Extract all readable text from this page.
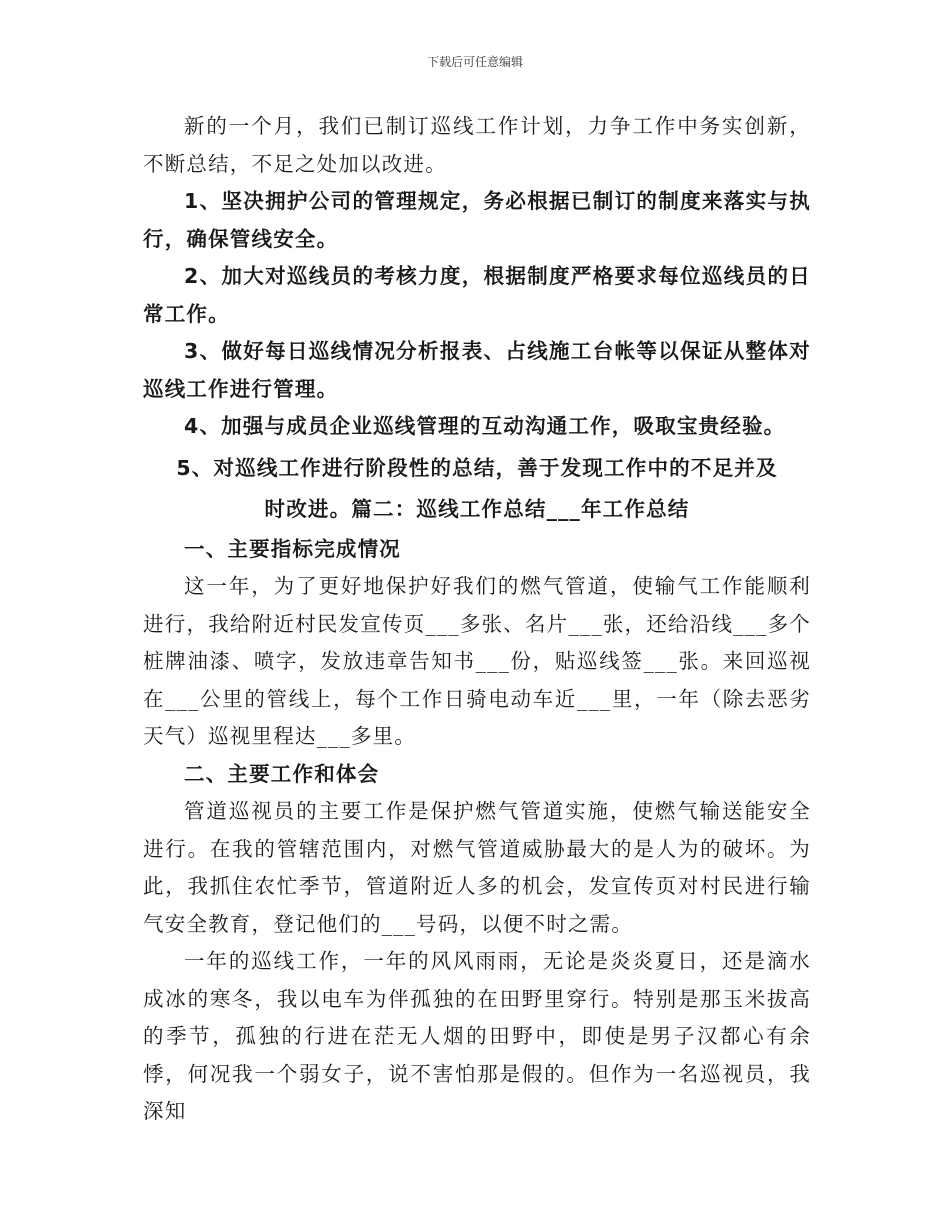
下载后可任意编辑

新的一个月，我们已制订巡线工作计划，力争工作中务实创新，不断总结，不足之处加以改进。

1、坚决拥护公司的管理规定，务必根据已制订的制度来落实与执行，确保管线安全。

2、加大对巡线员的考核力度，根据制度严格要求每位巡线员的日常工作。

3、做好每日巡线情况分析报表、占线施工台帐等以保证从整体对巡线工作进行管理。

4、加强与成员企业巡线管理的互动沟通工作，吸取宝贵经验。

5、对巡线工作进行阶段性的总结，善于发现工作中的不足并及

时改进。篇二：巡线工作总结___年工作总结

一、主要指标完成情况

这一年，为了更好地保护好我们的燃气管道，使输气工作能顺利进行，我给附近村民发宣传页___多张、名片___张，还给沿线___多个桩牌油漆、喷字，发放违章告知书___份，贴巡线签___张。来回巡视在___公里的管线上，每个工作日骑电动车近___里，一年（除去恶劣天气）巡视里程达___多里。

二、主要工作和体会

管道巡视员的主要工作是保护燃气管道实施，使燃气输送能安全进行。在我的管辖范围内，对燃气管道威胁最大的是人为的破坏。为此，我抓住农忙季节，管道附近人多的机会，发宣传页对村民进行输气安全教育，登记他们的___号码，以便不时之需。

一年的巡线工作，一年的风风雨雨，无论是炎炎夏日，还是滴水成冰的寒冬，我以电车为伴孤独的在田野里穿行。特别是那玉米拔高的季节，孤独的行进在茫无人烟的田野中，即使是男子汉都心有余悸，何况我一个弱女子，说不害怕那是假的。但作为一名巡视员，我深知
